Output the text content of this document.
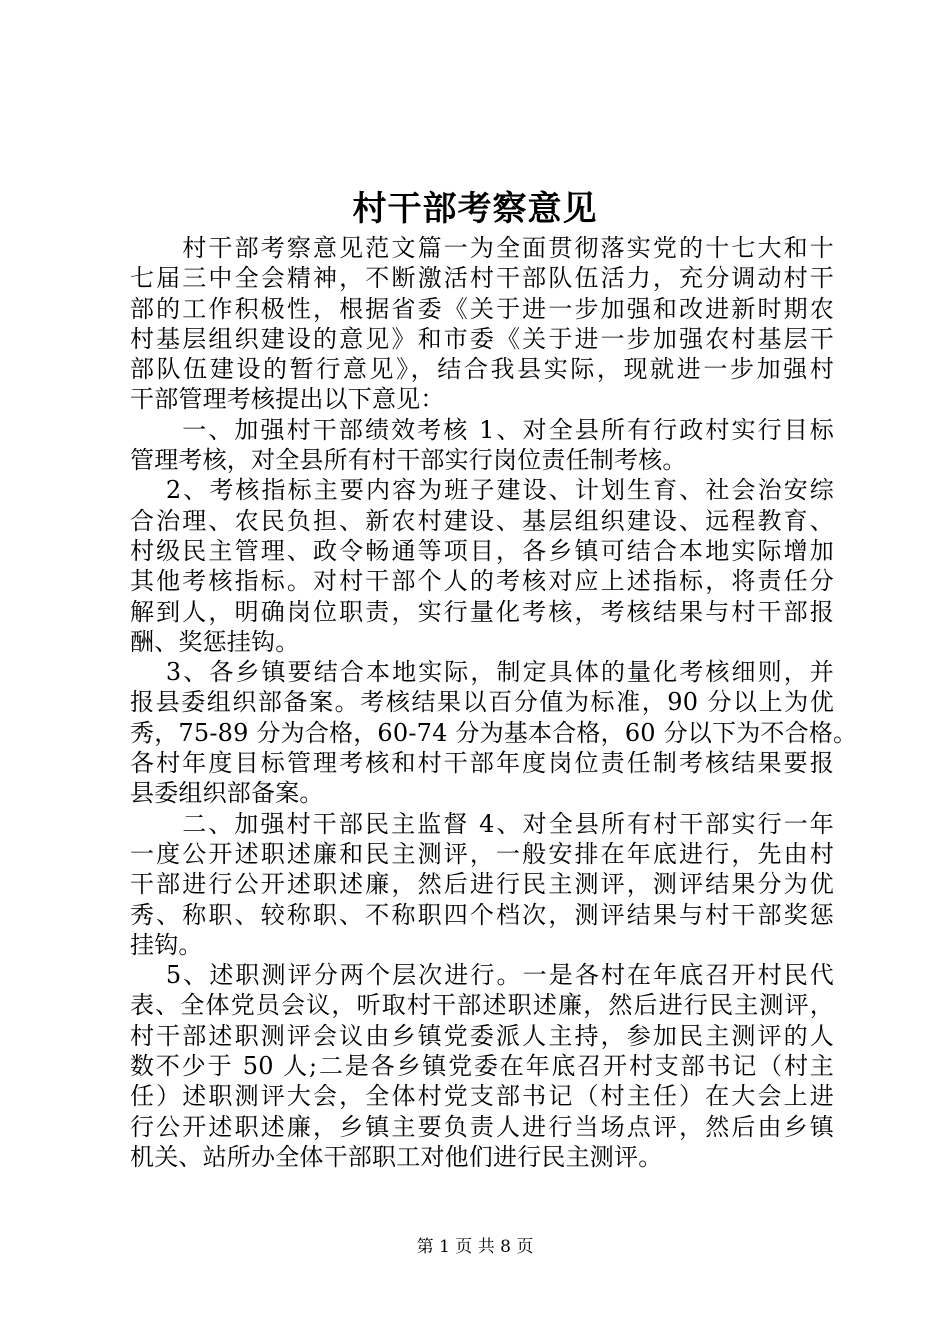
村干部考察意见
　　村干部考察意见范文篇一为全面贯彻落实党的十七大和十
七届三中全会精神，不断激活村干部队伍活力，充分调动村干
部的工作积极性，根据省委《关于进一步加强和改进新时期农
村基层组织建设的意见》和市委《关于进一步加强农村基层干
部队伍建设的暂行意见》，结合我县实际，现就进一步加强村
干部管理考核提出以下意见：
　　一、加强村干部绩效考核 1、对全县所有行政村实行目标
管理考核，对全县所有村干部实行岗位责任制考核。
　 2、考核指标主要内容为班子建设、计划生育、社会治安综
合治理、农民负担、新农村建设、基层组织建设、远程教育、
村级民主管理、政令畅通等项目，各乡镇可结合本地实际增加
其他考核指标。对村干部个人的考核对应上述指标，将责任分
解到人，明确岗位职责，实行量化考核，考核结果与村干部报
酬、奖惩挂钩。
　 3、各乡镇要结合本地实际，制定具体的量化考核细则，并
报县委组织部备案。考核结果以百分值为标准，90 分以上为优
秀，75-89 分为合格，60-74 分为基本合格，60 分以下为不合格。
各村年度目标管理考核和村干部年度岗位责任制考核结果要报
县委组织部备案。
　　二、加强村干部民主监督 4、对全县所有村干部实行一年
一度公开述职述廉和民主测评，一般安排在年底进行，先由村
干部进行公开述职述廉，然后进行民主测评，测评结果分为优
秀、称职、较称职、不称职四个档次，测评结果与村干部奖惩
挂钩。
　 5、述职测评分两个层次进行。一是各村在年底召开村民代
表、全体党员会议，听取村干部述职述廉，然后进行民主测评，
村干部述职测评会议由乡镇党委派人主持，参加民主测评的人
数不少于 50 人;二是各乡镇党委在年底召开村支部书记（村主
任）述职测评大会，全体村党支部书记（村主任）在大会上进
行公开述职述廉，乡镇主要负责人进行当场点评，然后由乡镇
机关、站所办全体干部职工对他们进行民主测评。
第 1 页 共 8 页
